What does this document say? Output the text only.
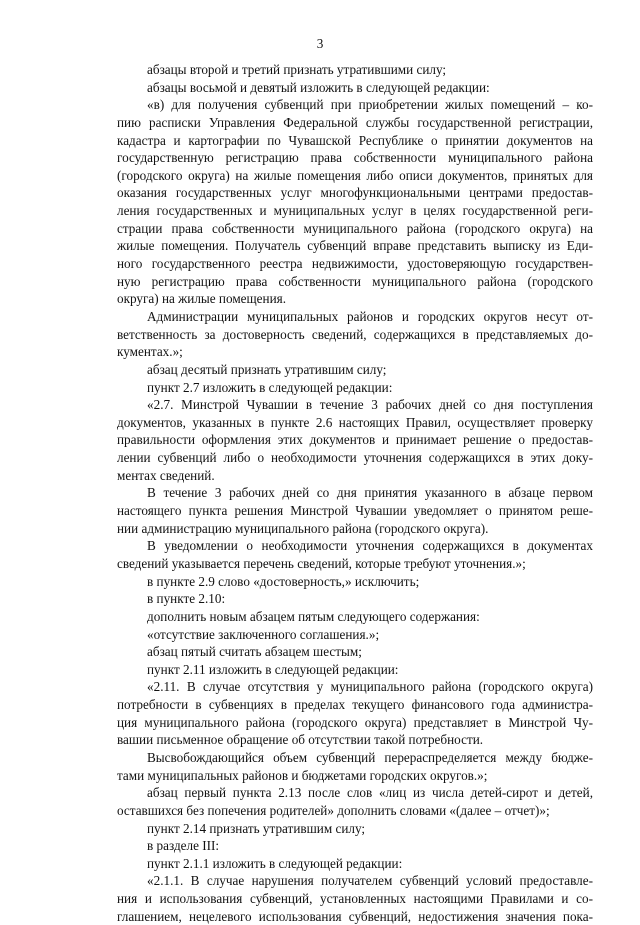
3
абзацы второй и третий признать утратившими силу;
абзацы восьмой и девятый изложить в следующей редакции:
«в) для получения субвенций при приобретении жилых помещений – ко-
пию расписки Управления Федеральной службы государственной регистрации,
кадастра и картографии по Чувашской Республике о принятии документов на
государственную регистрацию права собственности муниципального района
(городского округа) на жилые помещения либо описи документов, принятых для
оказания государственных услуг многофункциональными центрами предостав-
ления государственных и муниципальных услуг в целях государственной реги-
страции права собственности муниципального района (городского округа) на
жилые помещения. Получатель субвенций вправе представить выписку из Еди-
ного государственного реестра недвижимости, удостоверяющую государствен-
ную регистрацию права собственности муниципального района (городского
округа) на жилые помещения.
Администрации муниципальных районов и городских округов несут от-
ветственность за достоверность сведений, содержащихся в представляемых до-
кументах.»;
абзац десятый признать утратившим силу;
пункт 2.7 изложить в следующей редакции:
«2.7. Минстрой Чувашии в течение 3 рабочих дней со дня поступления
документов, указанных в пункте 2.6 настоящих Правил, осуществляет проверку
правильности оформления этих документов и принимает решение о предостав-
лении субвенций либо о необходимости уточнения содержащихся в этих доку-
ментах сведений.
В течение 3 рабочих дней со дня принятия указанного в абзаце первом
настоящего пункта решения Минстрой Чувашии уведомляет о принятом реше-
нии администрацию муниципального района (городского округа).
В уведомлении о необходимости уточнения содержащихся в документах
сведений указывается перечень сведений, которые требуют уточнения.»;
в пункте 2.9 слово «достоверность,» исключить;
в пункте 2.10:
дополнить новым абзацем пятым следующего содержания:
«отсутствие заключенного соглашения.»;
абзац пятый считать абзацем шестым;
пункт 2.11 изложить в следующей редакции:
«2.11. В случае отсутствия у муниципального района (городского округа)
потребности в субвенциях в пределах текущего финансового года администра-
ция муниципального района (городского округа) представляет в Минстрой Чу-
вашии письменное обращение об отсутствии такой потребности.
Высвобождающийся объем субвенций перераспределяется между бюдже-
тами муниципальных районов и бюджетами городских округов.»;
абзац первый пункта 2.13 после слов «лиц из числа детей-сирот и детей,
оставшихся без попечения родителей» дополнить словами «(далее – отчет)»;
пункт 2.14 признать утратившим силу;
в разделе III:
пункт 2.1.1 изложить в следующей редакции:
«2.1.1. В случае нарушения получателем субвенций условий предоставле-
ния и использования субвенций, установленных настоящими Правилами и со-
глашением, нецелевого использования субвенций, недостижения значения пока-
